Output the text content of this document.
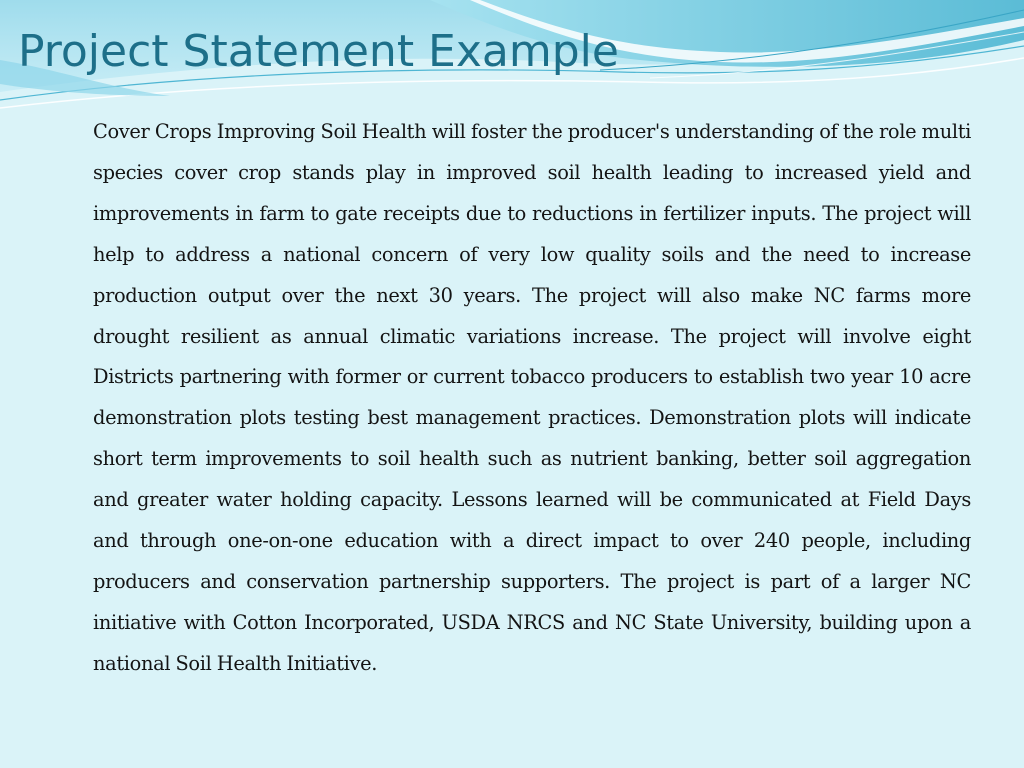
Project Statement Example

Cover Crops Improving Soil Health will foster the producer's understanding of the role multi species cover crop stands play in improved soil health leading to increased yield and improvements in farm to gate receipts due to reductions in fertilizer inputs. The project will help to address a national concern of very low quality soils and the need to increase production output over the next 30 years. The project will also make NC farms more drought resilient as annual climatic variations increase. The project will involve eight Districts partnering with former or current tobacco producers to establish two year 10 acre demonstration plots testing best management practices. Demonstration plots will indicate short term improvements to soil health such as nutrient banking, better soil aggregation and greater water holding capacity. Lessons learned will be communicated at Field Days and through one-on-one education with a direct impact to over 240 people, including producers and conservation partnership supporters. The project is part of a larger NC initiative with Cotton Incorporated, USDA NRCS and NC State University, building upon a national Soil Health Initiative.
